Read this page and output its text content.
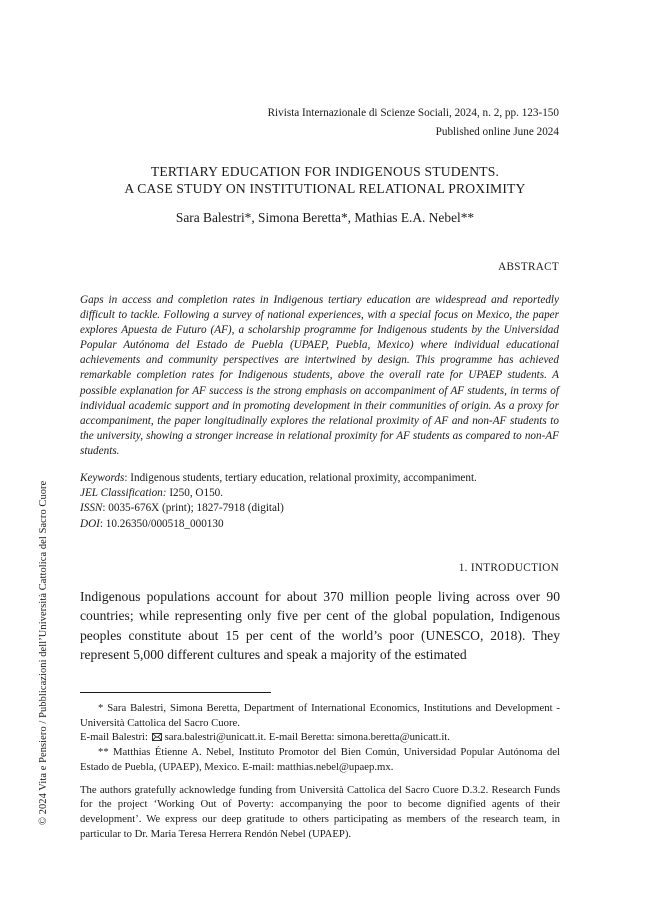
Rivista Internazionale di Scienze Sociali, 2024, n. 2, pp. 123-150
Published online June 2024
TERTIARY EDUCATION FOR INDIGENOUS STUDENTS.
A CASE STUDY ON INSTITUTIONAL RELATIONAL PROXIMITY
Sara Balestri*, Simona Beretta*, Mathias E.A. Nebel**
ABSTRACT
Gaps in access and completion rates in Indigenous tertiary education are widespread and reportedly difficult to tackle. Following a survey of national experiences, with a special focus on Mexico, the paper explores Apuesta de Futuro (AF), a scholarship programme for Indigenous students by the Universidad Popular Autónoma del Estado de Puebla (UPAEP, Puebla, Mexico) where individual educational achievements and community perspectives are intertwined by design. This programme has achieved remarkable completion rates for Indigenous students, above the overall rate for UPAEP students. A possible explanation for AF success is the strong emphasis on accompaniment of AF students, in terms of individual academic support and in promoting development in their communities of origin. As a proxy for accompaniment, the paper longitudinally explores the relational proximity of AF and non-AF students to the university, showing a stronger increase in relational proximity for AF students as compared to non-AF students.
Keywords: Indigenous students, tertiary education, relational proximity, accompaniment.
JEL Classification: I250, O150.
ISSN: 0035-676X (print); 1827-7918 (digital)
DOI: 10.26350/000518_000130
1. INTRODUCTION
Indigenous populations account for about 370 million people living across over 90 countries; while representing only five per cent of the global population, Indigenous peoples constitute about 15 per cent of the world’s poor (UNESCO, 2018). They represent 5,000 different cultures and speak a majority of the estimated

* Sara Balestri, Simona Beretta, Department of International Economics, Institutions and Development - Università Cattolica del Sacro Cuore.

E-mail Balestri: sara.balestri@unicatt.it. E-mail Beretta: simona.beretta@unicatt.it.

** Matthias Étienne A. Nebel, Instituto Promotor del Bien Común, Universidad Popular Autónoma del Estado de Puebla, (UPAEP), Mexico. E-mail: matthias.nebel@upaep.mx.

The authors gratefully acknowledge funding from Università Cattolica del Sacro Cuore D.3.2. Research Funds for the project ‘Working Out of Poverty: accompanying the poor to become dignified agents of their development’. We express our deep gratitude to others participating as members of the research team, in particular to Dr. Maria Teresa Herrera Rendón Nebel (UPAEP).

© 2024 Vita e Pensiero / Pubblicazioni dell’Università Cattolica del Sacro Cuore
